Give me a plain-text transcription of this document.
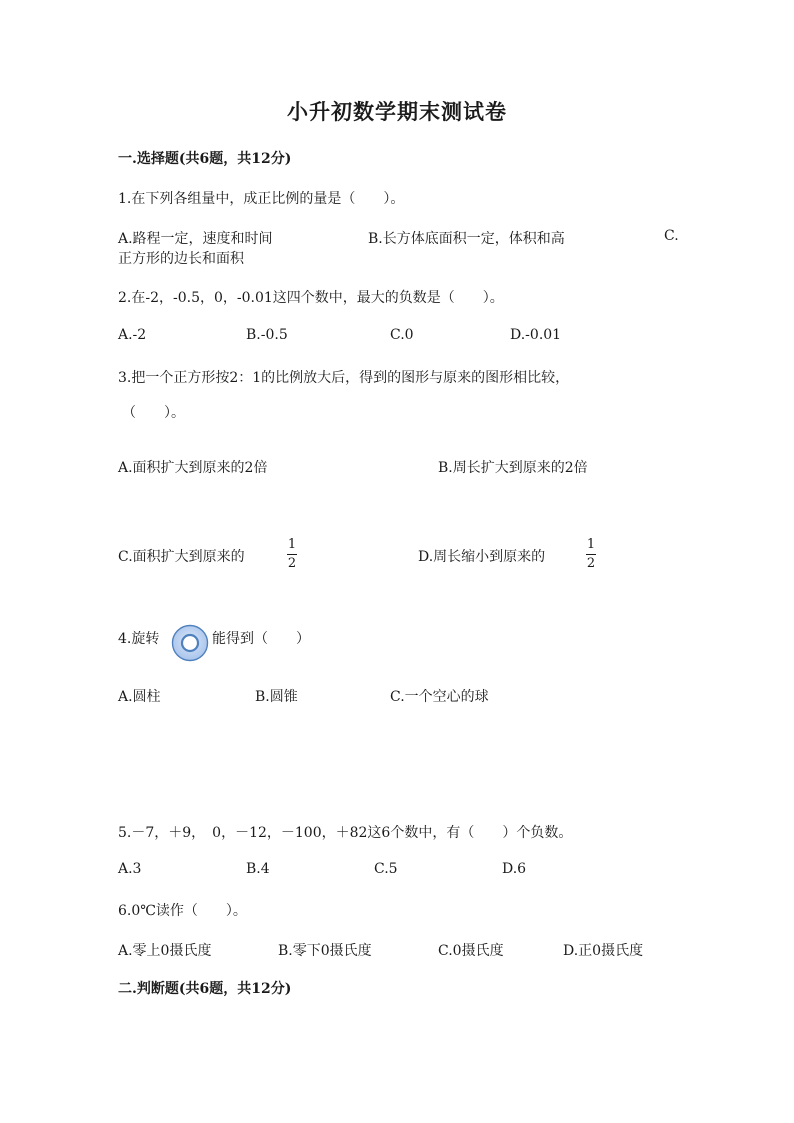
小升初数学期末测试卷
一.选择题(共6题，共12分)
1.在下列各组量中，成正比例的量是（　　）。
A.路程一定，速度和时间	B.长方体底面积一定，体积和高	C.
正方形的边长和面积
2.在-2，-0.5，0，-0.01这四个数中，最大的负数是（　　）。
A.-2	B.-0.5	C.0	D.-0.01
3.把一个正方形按2：1的比例放大后，得到的图形与原来的图形相比较，
（　　）。
A.面积扩大到原来的2倍	B.周长扩大到原来的2倍
C.面积扩大到原来的
1
2	D.周长缩小到原来的
1
2
4.旋转	能得到（　　）
A.圆柱	B.圆锥	C.一个空心的球
5.－7，＋9，　0，－12，－100，＋82这6个数中，有（　　）个负数。
A.3	B.4	C.5	D.6
6.0℃读作（　　）。
A.零上0摄氏度	B.零下0摄氏度	C.0摄氏度	D.正0摄氏度
二.判断题(共6题，共12分)
